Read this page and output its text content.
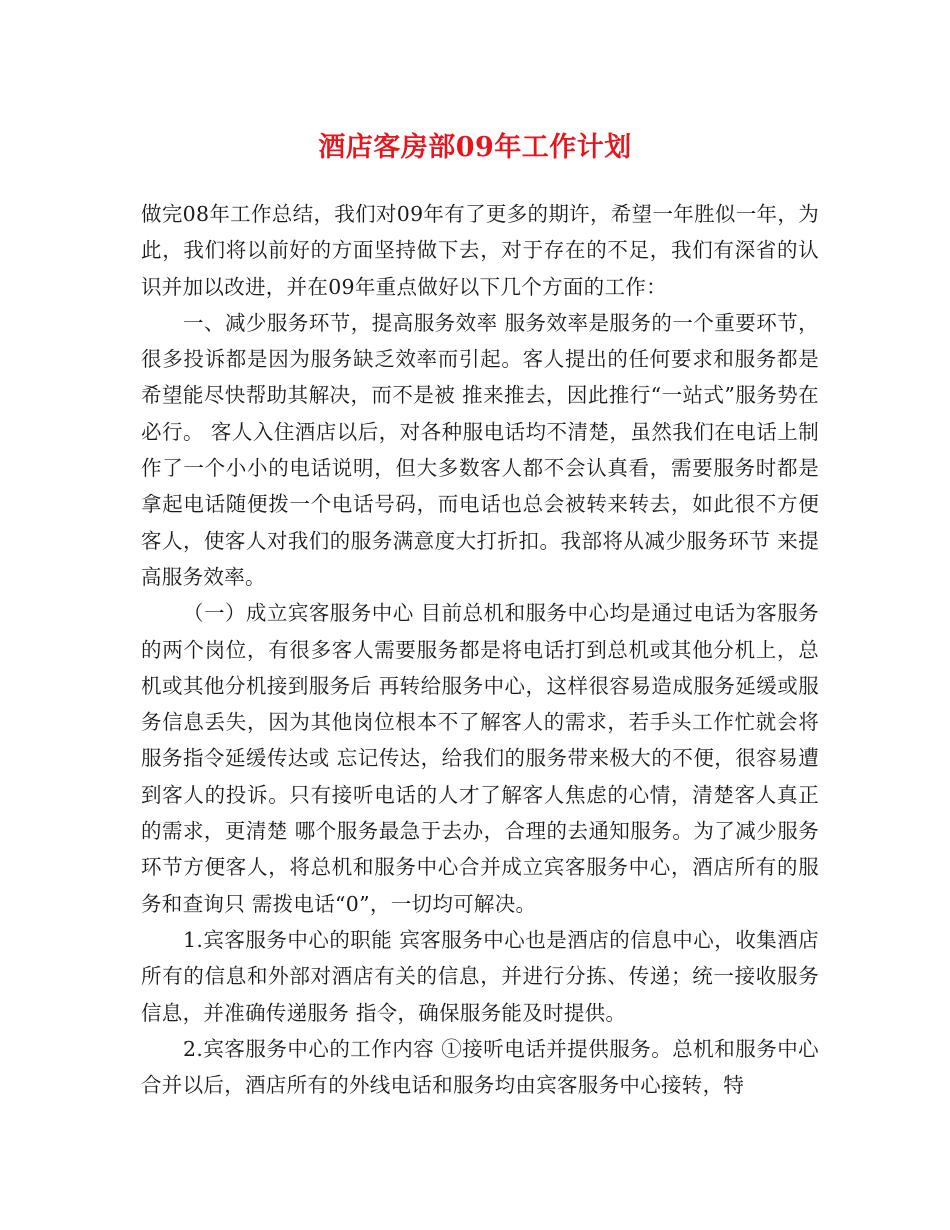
酒店客房部09年工作计划

做完08年工作总结，我们对09年有了更多的期许，希望一年胜似一年，为此，我们将以前好的方面坚持做下去，对于存在的不足，我们有深省的认识并加以改进，并在09年重点做好以下几个方面的工作：

一、减少服务环节，提高服务效率 服务效率是服务的一个重要环节，很多投诉都是因为服务缺乏效率而引起。客人提出的任何要求和服务都是希望能尽快帮助其解决，而不是被 推来推去，因此推行“一站式”服务势在必行。 客人入住酒店以后，对各种服电话均不清楚，虽然我们在电话上制作了一个小小的电话说明，但大多数客人都不会认真看，需要服务时都是 拿起电话随便拨一个电话号码，而电话也总会被转来转去，如此很不方便客人，使客人对我们的服务满意度大打折扣。我部将从减少服务环节 来提高服务效率。

（一）成立宾客服务中心 目前总机和服务中心均是通过电话为客服务的两个岗位，有很多客人需要服务都是将电话打到总机或其他分机上，总机或其他分机接到服务后 再转给服务中心，这样很容易造成服务延缓或服务信息丢失，因为其他岗位根本不了解客人的需求，若手头工作忙就会将服务指令延缓传达或 忘记传达，给我们的服务带来极大的不便，很容易遭到客人的投诉。只有接听电话的人才了解客人焦虑的心情，清楚客人真正的需求，更清楚 哪个服务最急于去办，合理的去通知服务。为了减少服务环节方便客人，将总机和服务中心合并成立宾客服务中心，酒店所有的服务和查询只 需拨电话“0”，一切均可解决。

1.宾客服务中心的职能 宾客服务中心也是酒店的信息中心，收集酒店所有的信息和外部对酒店有关的信息，并进行分拣、传递；统一接收服务信息，并准确传递服务 指令，确保服务能及时提供。

2.宾客服务中心的工作内容 ①接听电话并提供服务。总机和服务中心合并以后，酒店所有的外线电话和服务均由宾客服务中心接转，特
